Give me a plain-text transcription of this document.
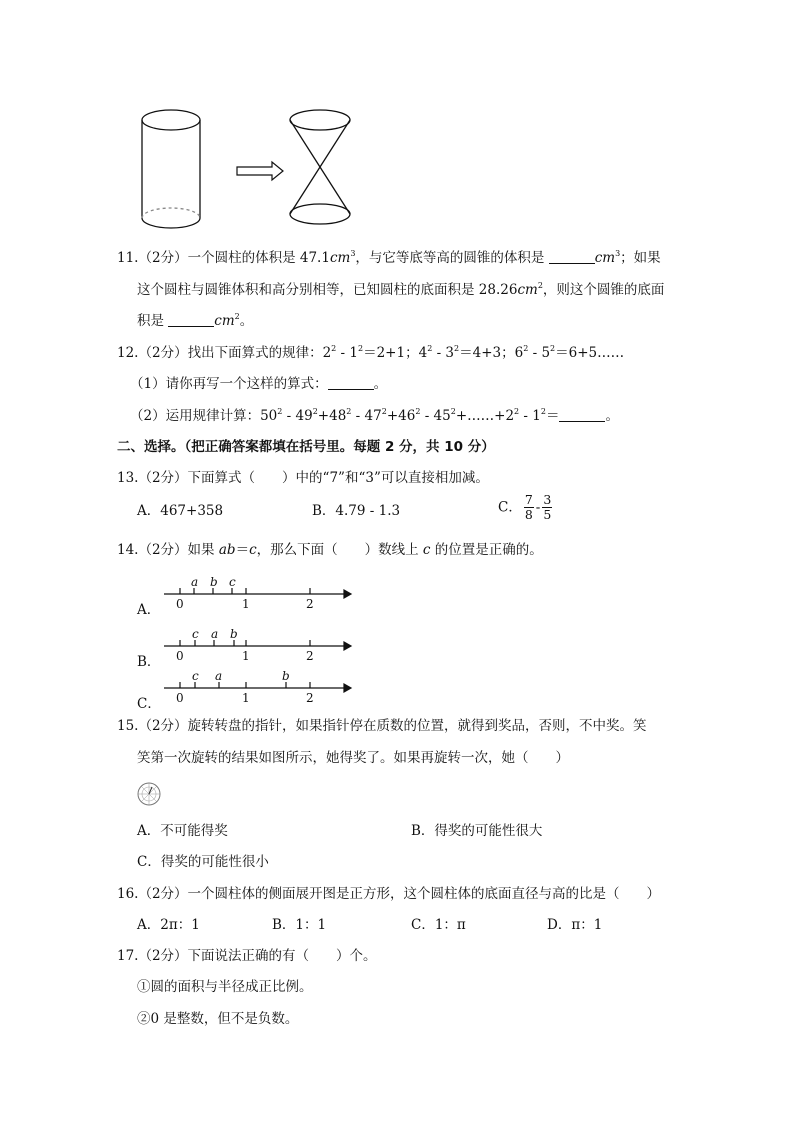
11.（2分）一个圆柱的体积是 $47.1cm^3$，与它等底等高的圆锥的体积是	$cm^3$；如果
这个圆柱与圆锥体积和高分别相等，已知圆柱的底面积是 $28.26cm^2$，则这个圆锥的底面
积是	$cm^2$。
12.（2分）找出下面算式的规律：$2^2 - 1^2=2+1$；$4^2 - 3^2=4+3$；$6^2$ - $5^2=6+5\dots\dots$
（1）请你再写一个这样的算式：	。
（2）运用规律计算：$50^2 - 49^2+48^2 - 47^2+46^2$ - $45^2+\dots\dots+2^2 - 1^2=$	。
二、选择。（把正确答案都填在括号里。每题 2 分，共 10 分）
13.（2分）下面算式（　　）中的“7”和“3”可以直接相加减。
A．467+358	B．4.79 - 1.3	C． $\frac{7}{8} - \frac{3}{5}$
14.（2分）如果 ab＝c，那么下面（　　）数线上 c 的位置是正确的。
A．
a b c
0	1	2
B．
c a b
0	1	2
C．
c a	b
0	1	2
15.（2分）旋转转盘的指针，如果指针停在质数的位置，就得到奖品，否则，不中奖。笑
笑第一次旋转的结果如图所示，她得奖了。如果再旋转一次，她（　　）
A．不可能得奖	B．得奖的可能性很大
C．得奖的可能性很小
16.（2分）一个圆柱体的侧面展开图是正方形，这个圆柱体的底面直径与高的比是（　　）
A．2π：1	B．1：1	C．1：π	D．π：1
17.（2分）下面说法正确的有（　　）个。
①圆的面积与半径成正比例。
②0 是整数，但不是负数。
